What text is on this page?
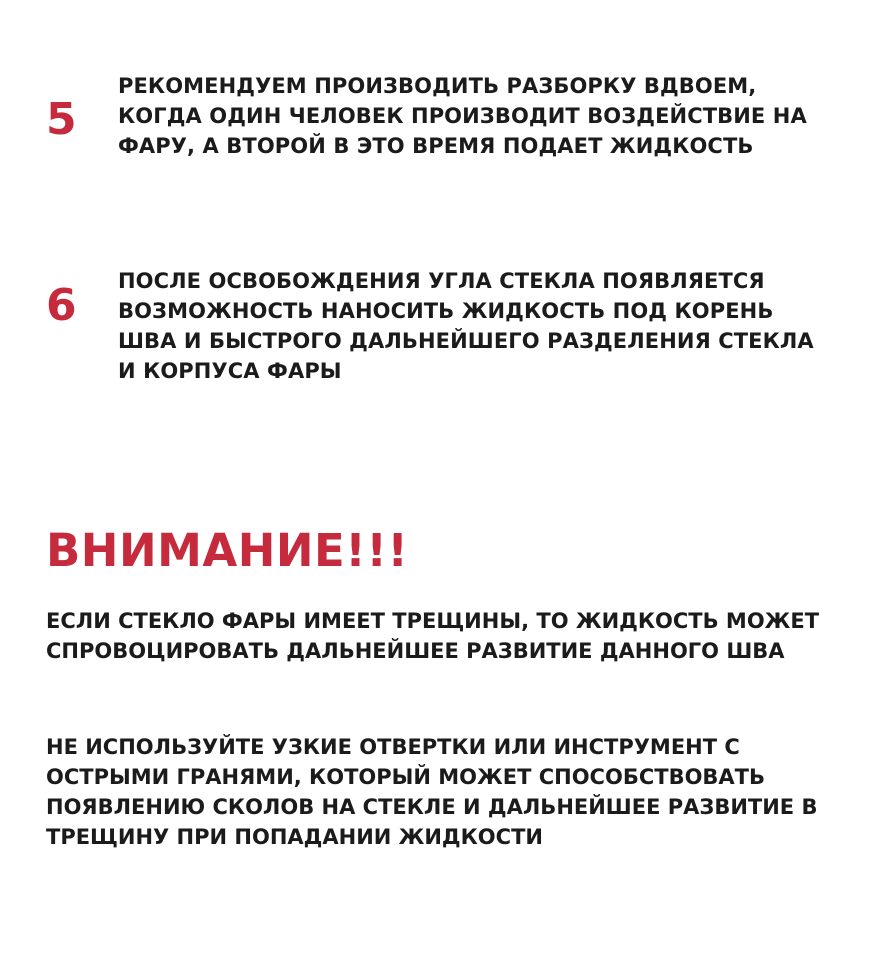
5
РЕКОМЕНДУЕМ ПРОИЗВОДИТЬ РАЗБОРКУ ВДВОЕМ, КОГДА ОДИН ЧЕЛОВЕК ПРОИЗВОДИТ ВОЗДЕЙСТВИЕ НА ФАРУ, А ВТОРОЙ В ЭТО ВРЕМЯ ПОДАЕТ ЖИДКОСТЬ
6 ПОСЛЕ ОСВОБОЖДЕНИЯ УГЛА СТЕКЛА ПОЯВЛЯЕТСЯ ВОЗМОЖНОСТЬ НАНОСИТЬ ЖИДКОСТЬ ПОД КОРЕНЬ ШВА И БЫСТРОГО ДАЛЬНЕЙШЕГО РАЗДЕЛЕНИЯ СТЕКЛА И КОРПУСА ФАРЫ
ВНИМАНИЕ!!!
ЕСЛИ СТЕКЛО ФАРЫ ИМЕЕТ ТРЕЩИНЫ, ТО ЖИДКОСТЬ МОЖЕТ СПРОВОЦИРОВАТЬ ДАЛЬНЕЙШЕЕ РАЗВИТИЕ ДАННОГО ШВА
НЕ ИСПОЛЬЗУЙТЕ УЗКИЕ ОТВЕРТКИ ИЛИ ИНСТРУМЕНТ С ОСТРЫМИ ГРАНЯМИ, КОТОРЫЙ МОЖЕТ СПОСОБСТВОВАТЬ ПОЯВЛЕНИЮ СКОЛОВ НА СТЕКЛЕ И ДАЛЬНЕЙШЕЕ РАЗВИТИЕ В ТРЕЩИНУ ПРИ ПОПАДАНИИ ЖИДКОСТИ
